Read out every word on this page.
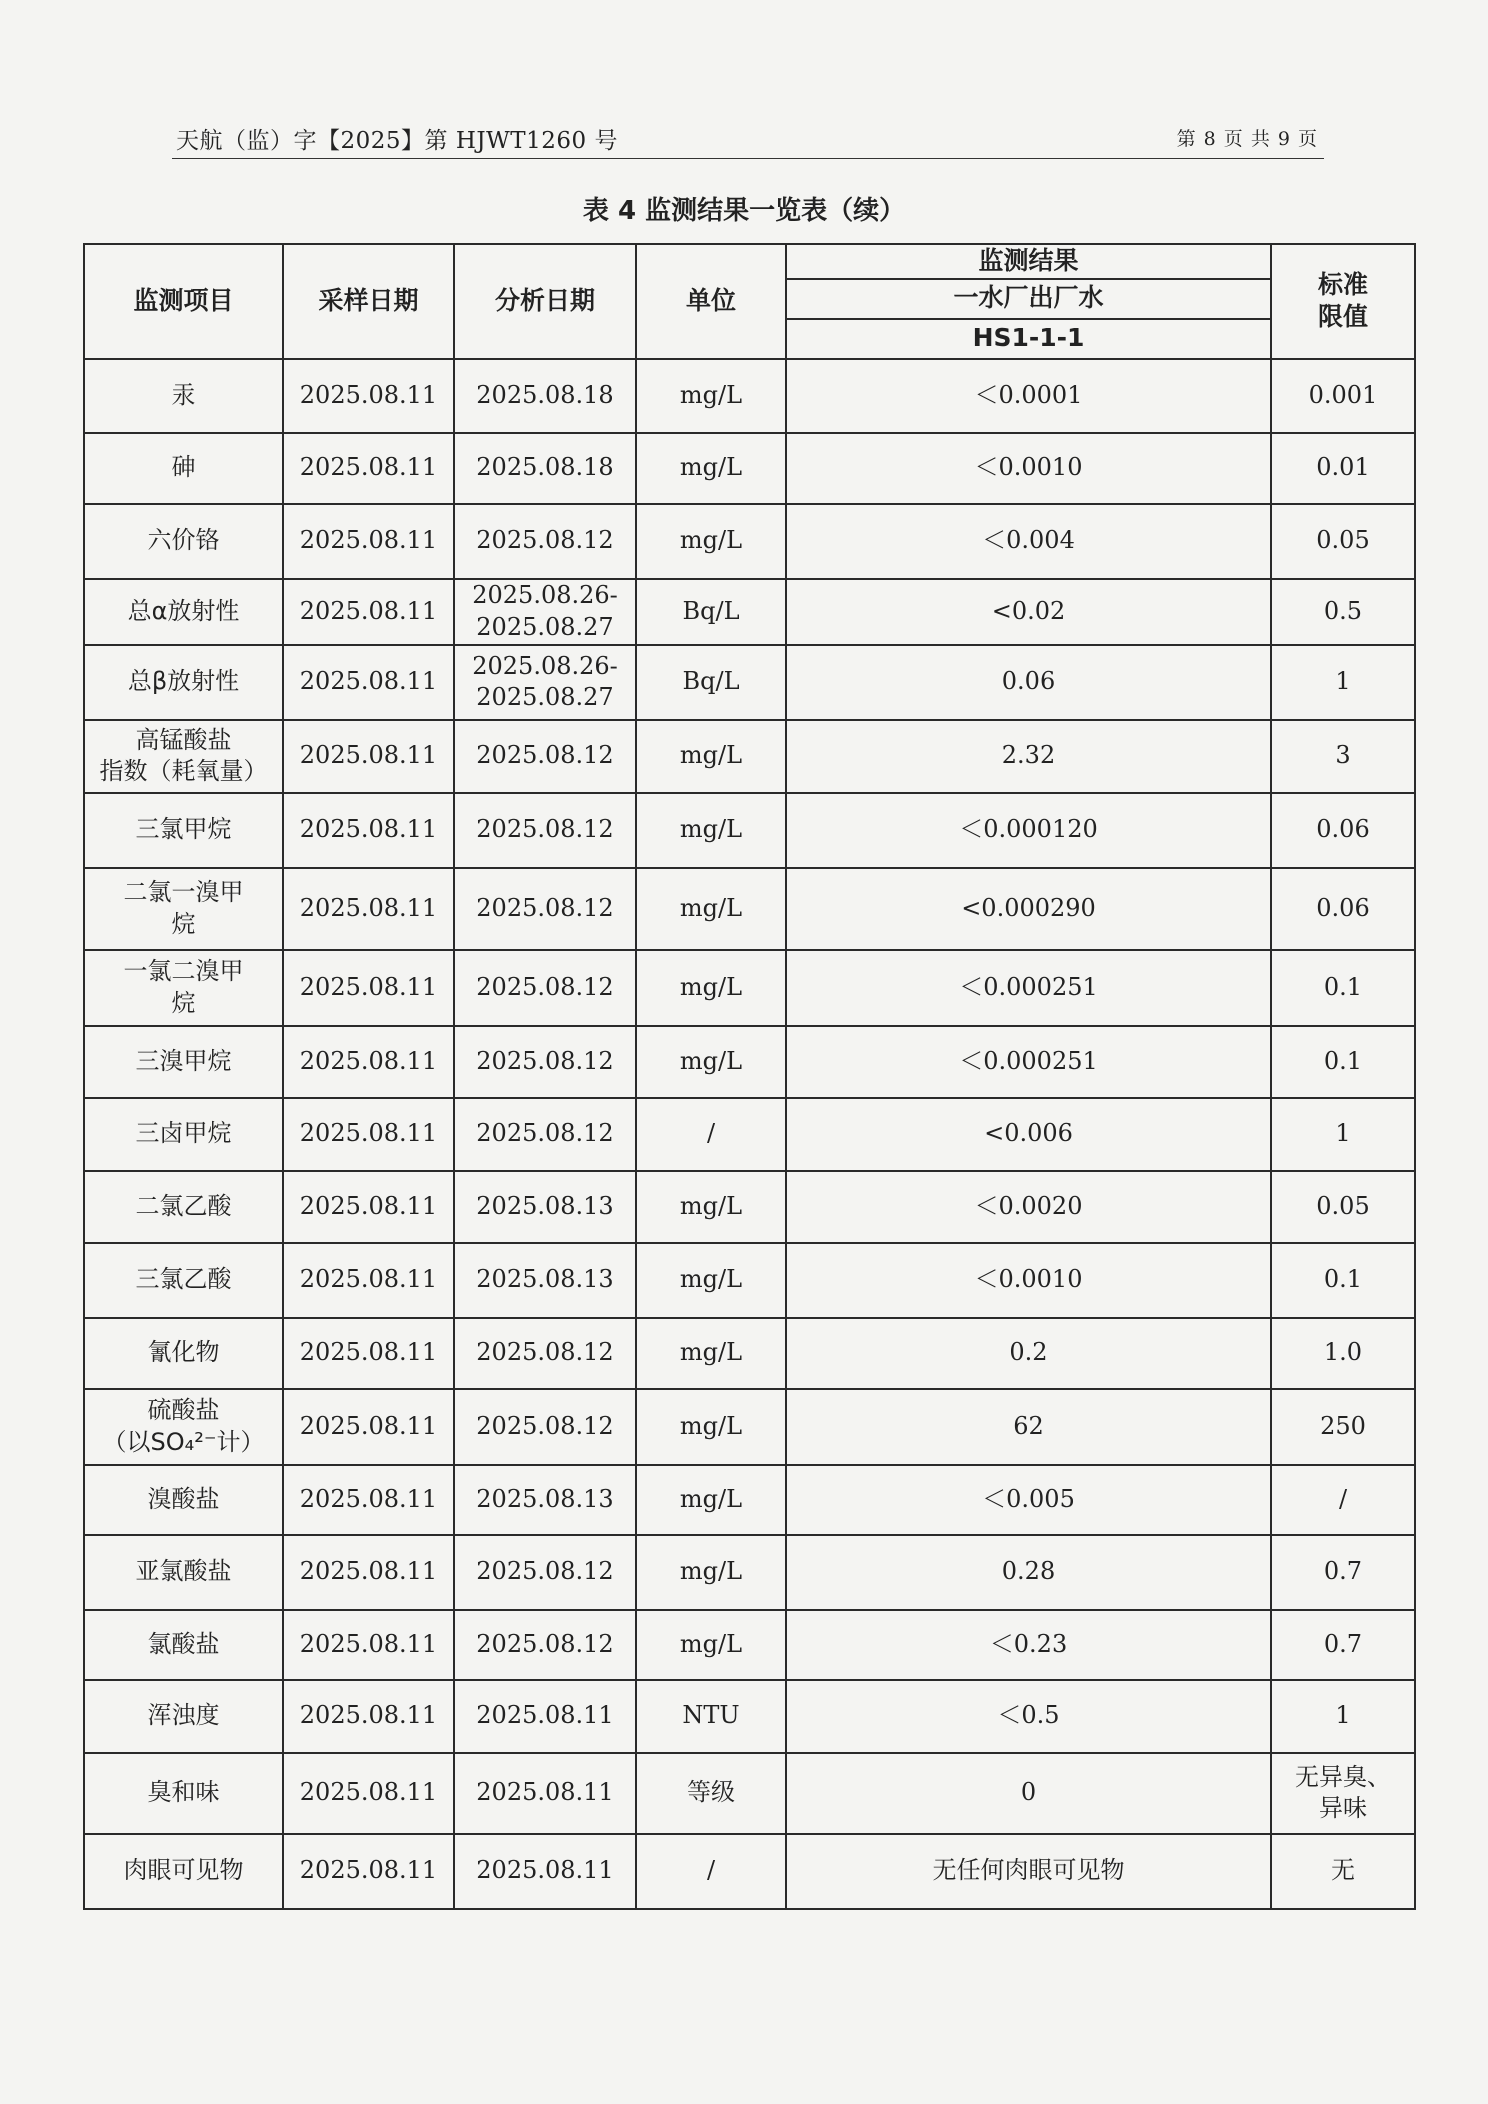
天航（监）字【2025】第 HJWT1260 号	第 8 页 共 9 页
表 4 监测结果一览表（续）
监测项目	采样日期	分析日期	单位	监测结果	标准
限值
				一水厂出厂水	
				HS1-1-1	
汞	2025.08.11	2025.08.18	mg/L	＜0.0001	0.001
砷	2025.08.11	2025.08.18	mg/L	＜0.0010	0.01
六价铬	2025.08.11	2025.08.12	mg/L	＜0.004	0.05
总α放射性	2025.08.11	2025.08.26-
2025.08.27	Bq/L	<0.02	0.5
总β放射性	2025.08.11	2025.08.26-
2025.08.27	Bq/L	0.06	1
高锰酸盐
指数（耗氧量）	2025.08.11	2025.08.12	mg/L	2.32	3
三氯甲烷	2025.08.11	2025.08.12	mg/L	＜0.000120	0.06
二氯一溴甲
烷	2025.08.11	2025.08.12	mg/L	<0.000290	0.06
一氯二溴甲
烷	2025.08.11	2025.08.12	mg/L	＜0.000251	0.1
三溴甲烷	2025.08.11	2025.08.12	mg/L	＜0.000251	0.1
三卤甲烷	2025.08.11	2025.08.12	/	<0.006	1
二氯乙酸	2025.08.11	2025.08.13	mg/L	＜0.0020	0.05
三氯乙酸	2025.08.11	2025.08.13	mg/L	＜0.0010	0.1
氰化物	2025.08.11	2025.08.12	mg/L	0.2	1.0
硫酸盐
（以SO₄²⁻计）	2025.08.11	2025.08.12	mg/L	62	250
溴酸盐	2025.08.11	2025.08.13	mg/L	＜0.005	/
亚氯酸盐	2025.08.11	2025.08.12	mg/L	0.28	0.7
氯酸盐	2025.08.11	2025.08.12	mg/L	＜0.23	0.7
浑浊度	2025.08.11	2025.08.11	NTU	＜0.5	1
臭和味	2025.08.11	2025.08.11	等级	0	无异臭、
异味
肉眼可见物	2025.08.11	2025.08.11	/	无任何肉眼可见物	无
